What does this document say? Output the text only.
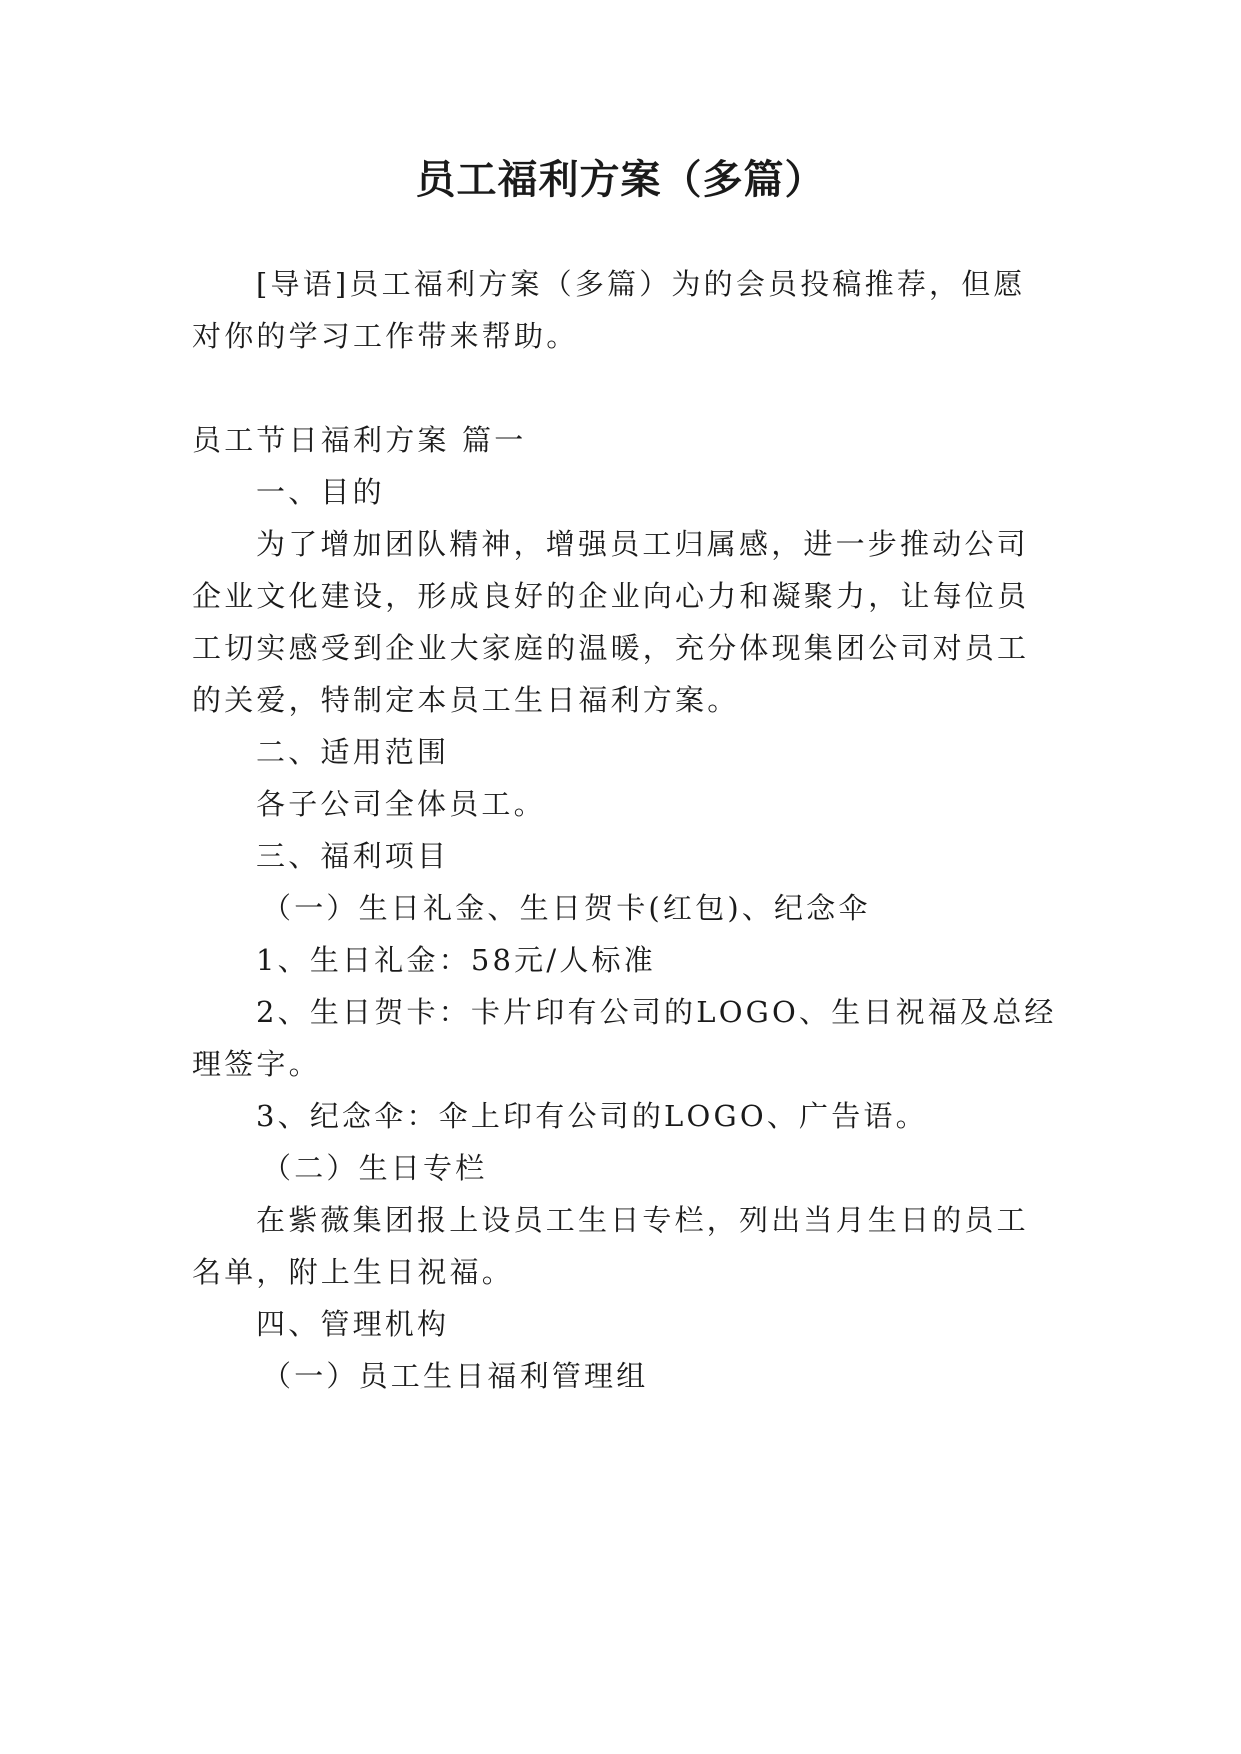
员工福利方案（多篇）

[导语]员工福利方案（多篇）为的会员投稿推荐，但愿

对你的学习工作带来帮助。

员工节日福利方案 篇一

一、目的

为了增加团队精神，增强员工归属感，进一步推动公司

企业文化建设，形成良好的企业向心力和凝聚力，让每位员

工切实感受到企业大家庭的温暖，充分体现集团公司对员工

的关爱，特制定本员工生日福利方案。

二、适用范围

各子公司全体员工。

三、福利项目

（一）生日礼金、生日贺卡(红包)、纪念伞

1、生日礼金：58元/人标准

2、生日贺卡：卡片印有公司的LOGO、生日祝福及总经

理签字。

3、纪念伞：伞上印有公司的LOGO、广告语。

（二）生日专栏

在紫薇集团报上设员工生日专栏，列出当月生日的员工

名单，附上生日祝福。

四、管理机构

（一）员工生日福利管理组
